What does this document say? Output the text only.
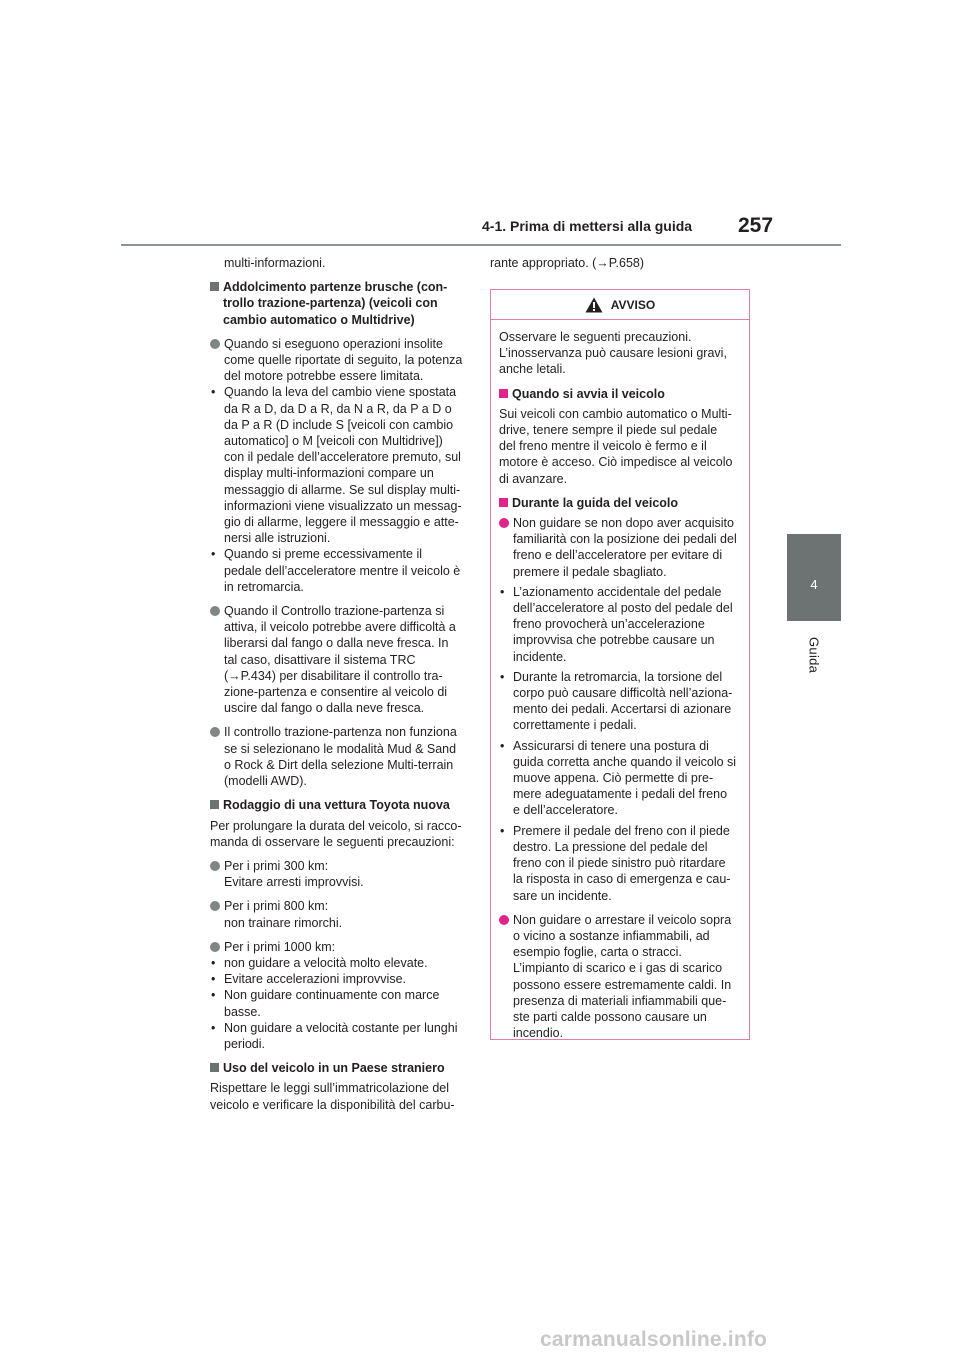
4-1. Prima di mettersi alla guida 257
4
Guida

multi-informazioni.

Addolcimento partenze brusche (con-
trollo trazione-partenza) (veicoli con
cambio automatico o Multidrive)
Quando si eseguono operazioni insolite
come quelle riportate di seguito, la potenza
del motore potrebbe essere limitata.
• Quando la leva del cambio viene spostata
da R a D, da D a R, da N a R, da P a D o
da P a R (D include S [veicoli con cambio
automatico] o M [veicoli con Multidrive])
con il pedale dell’acceleratore premuto, sul
display multi-informazioni compare un
messaggio di allarme. Se sul display multi-
informazioni viene visualizzato un messag-
gio di allarme, leggere il messaggio e atte-
nersi alle istruzioni.
• Quando si preme eccessivamente il
pedale dell’acceleratore mentre il veicolo è
in retromarcia.
Quando il Controllo trazione-partenza si
attiva, il veicolo potrebbe avere difficoltà a
liberarsi dal fango o dalla neve fresca. In
tal caso, disattivare il sistema TRC
(→P.434) per disabilitare il controllo tra-
zione-partenza e consentire al veicolo di
uscire dal fango o dalla neve fresca.
Il controllo trazione-partenza non funziona
se si selezionano le modalità Mud & Sand
o Rock & Dirt della selezione Multi-terrain
(modelli AWD).
Rodaggio di una vettura Toyota nuova

Per prolungare la durata del veicolo, si racco-
manda di osservare le seguenti precauzioni:

Per i primi 300 km:
Evitare arresti improvvisi.
Per i primi 800 km:
non trainare rimorchi.
Per i primi 1000 km:
• non guidare a velocità molto elevate.
• Evitare accelerazioni improvvise.
• Non guidare continuamente con marce
basse.
• Non guidare a velocità costante per lunghi
periodi.
Uso del veicolo in un Paese straniero

Rispettare le leggi sull’immatricolazione del
veicolo e verificare la disponibilità del carbu-

rante appropriato. (→P.658)

AVVISO

Osservare le seguenti precauzioni.
L’inosservanza può causare lesioni gravi,
anche letali.

Quando si avvia il veicolo

Sui veicoli con cambio automatico o Multi-
drive, tenere sempre il piede sul pedale
del freno mentre il veicolo è fermo e il
motore è acceso. Ciò impedisce al veicolo
di avanzare.

Durante la guida del veicolo
Non guidare se non dopo aver acquisito
familiarità con la posizione dei pedali del
freno e dell’acceleratore per evitare di
premere il pedale sbagliato.
• L’azionamento accidentale del pedale
dell’acceleratore al posto del pedale del
freno provocherà un’accelerazione
improvvisa che potrebbe causare un
incidente.
• Durante la retromarcia, la torsione del
corpo può causare difficoltà nell’aziona-
mento dei pedali. Accertarsi di azionare
correttamente i pedali.
• Assicurarsi di tenere una postura di
guida corretta anche quando il veicolo si
muove appena. Ciò permette di pre-
mere adeguatamente i pedali del freno
e dell’acceleratore.
• Premere il pedale del freno con il piede
destro. La pressione del pedale del
freno con il piede sinistro può ritardare
la risposta in caso di emergenza e cau-
sare un incidente.
Non guidare o arrestare il veicolo sopra
o vicino a sostanze infiammabili, ad
esempio foglie, carta o stracci.
L’impianto di scarico e i gas di scarico
possono essere estremamente caldi. In
presenza di materiali infiammabili que-
ste parti calde possono causare un
incendio.
carmanualsonline.info
